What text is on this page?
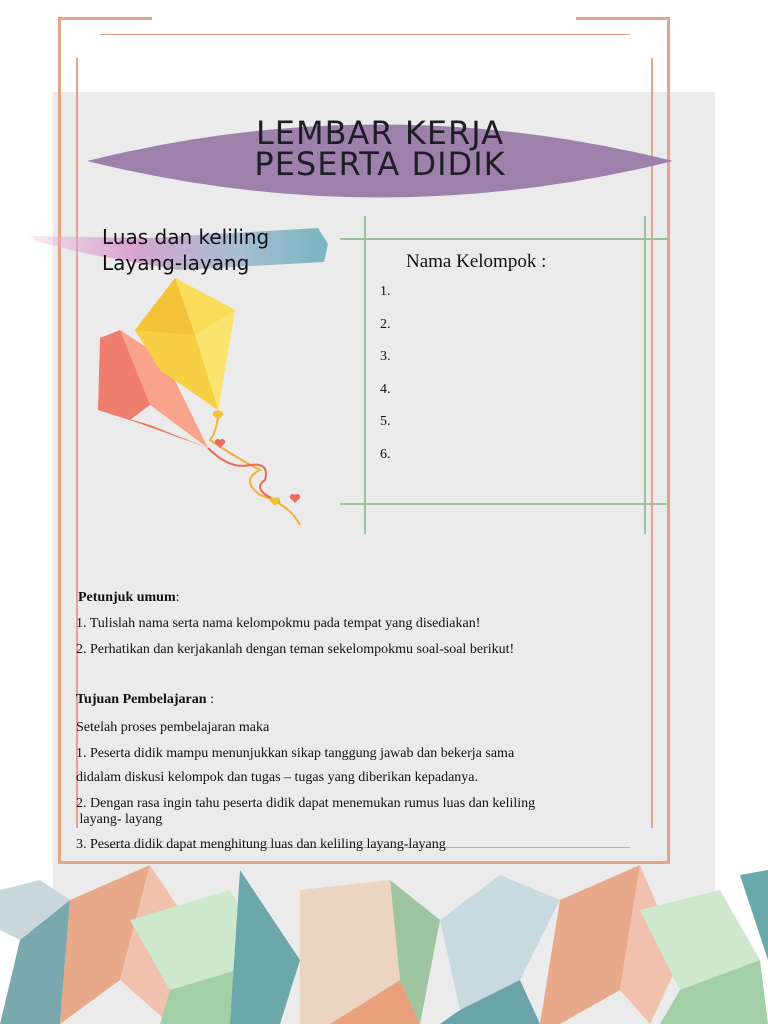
LEMBAR KERJA
PESERTA DIDIK
Luas dan keliling
Layang-layang	Nama Kelompok :
1.
2.
3.
4.
5.
6.
Petunjuk umum:
1. Tulislah nama serta nama kelompokmu pada tempat yang disediakan!
2. Perhatikan dan kerjakanlah dengan teman sekelompokmu soal-soal berikut!
Tujuan Pembelajaran :
Setelah proses pembelajaran maka
1. Peserta didik mampu menunjukkan sikap tanggung jawab dan bekerja sama
didalam diskusi kelompok dan tugas – tugas yang diberikan kepadanya.
2. Dengan rasa ingin tahu peserta didik dapat menemukan rumus luas dan keliling
layang- layang
3. Peserta didik dapat menghitung luas dan keliling layang-layang
